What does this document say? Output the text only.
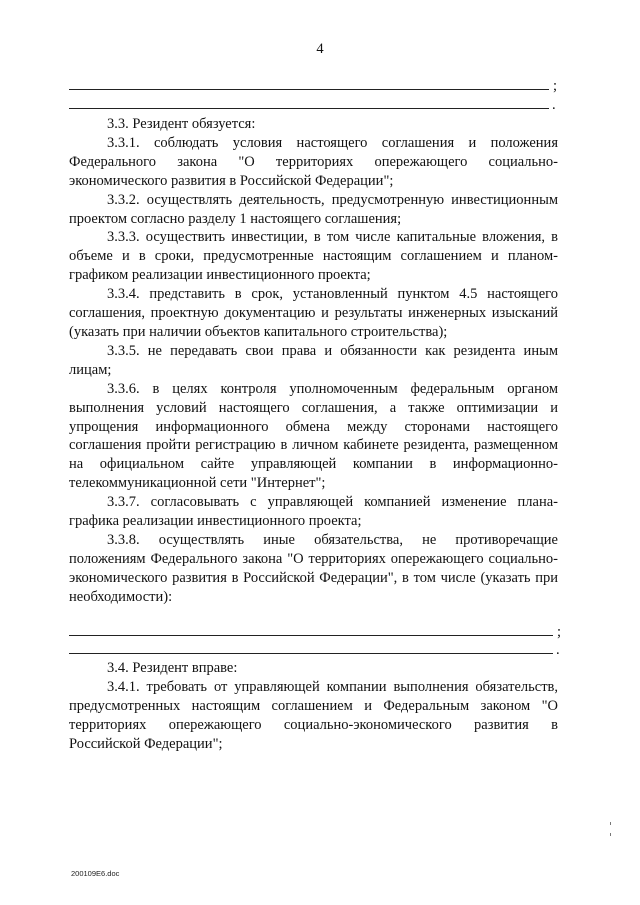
4
;
.

3.3. Резидент обязуется:

3.3.1. соблюдать условия настоящего соглашения и положения Федерального закона "О территориях опережающего социально-экономического развития в Российской Федерации";

3.3.2. осуществлять деятельность, предусмотренную инвестиционным проектом согласно разделу 1 настоящего соглашения;

3.3.3. осуществить инвестиции, в том числе капитальные вложения, в объеме и в сроки, предусмотренные настоящим соглашением и планом-графиком реализации инвестиционного проекта;

3.3.4. представить в срок, установленный пунктом 4.5 настоящего соглашения, проектную документацию и результаты инженерных изысканий (указать при наличии объектов капитального строительства);

3.3.5. не передавать свои права и обязанности как резидента иным лицам;

3.3.6. в целях контроля уполномоченным федеральным органом выполнения условий настоящего соглашения, а также оптимизации и упрощения информационного обмена между сторонами настоящего соглашения пройти регистрацию в личном кабинете резидента, размещенном на официальном сайте управляющей компании в информационно-телекоммуникационной сети "Интернет";

3.3.7. согласовывать с управляющей компанией изменение плана-графика реализации инвестиционного проекта;

3.3.8. осуществлять иные обязательства, не противоречащие положениям Федерального закона "О территориях опережающего социально-экономического развития в Российской Федерации", в том числе (указать при необходимости):

;
.

3.4. Резидент вправе:

3.4.1. требовать от управляющей компании выполнения обязательств, предусмотренных настоящим соглашением и Федеральным законом "О территориях опережающего социально-экономического развития в Российской Федерации";

200109E6.doc
